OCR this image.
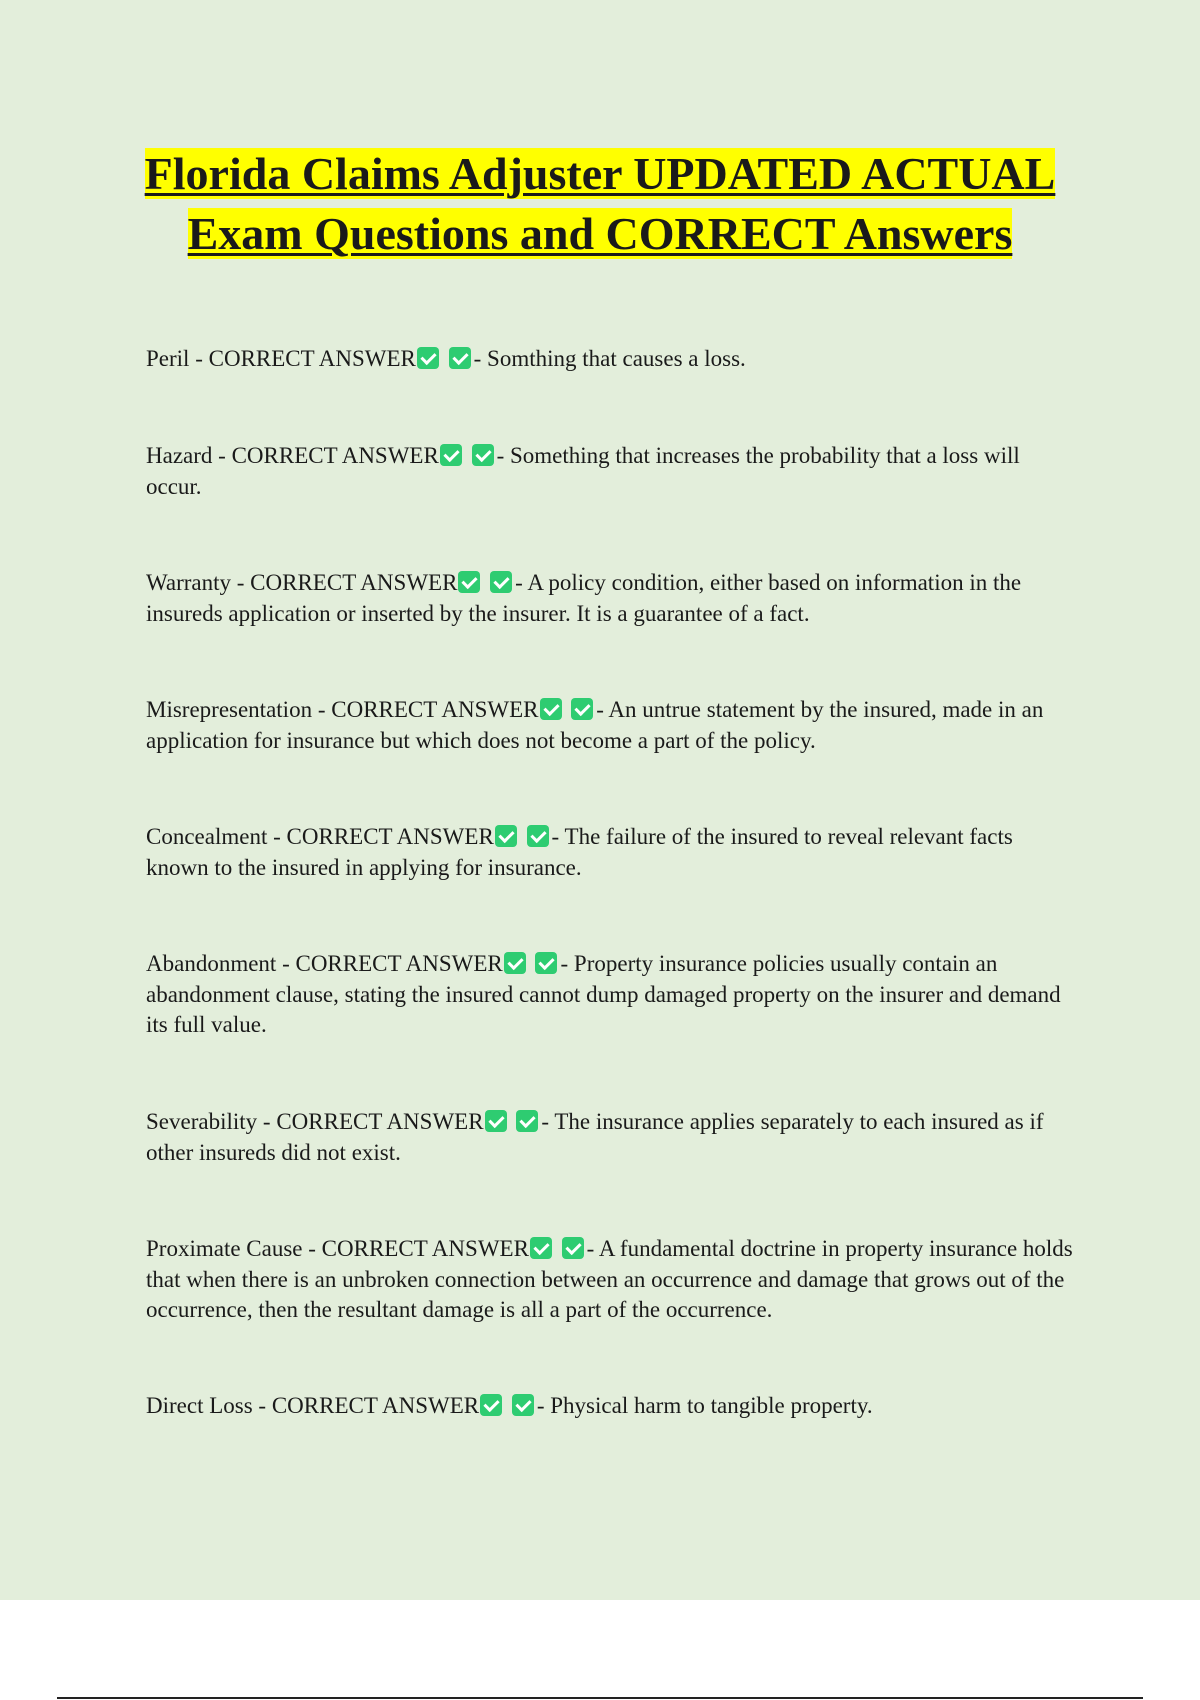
Florida Claims Adjuster UPDATED ACTUAL Exam Questions and CORRECT Answers

Peril - CORRECT ANSWER	- Somthing that causes a loss.

Hazard - CORRECT ANSWER	- Something that increases the probability that a loss will occur.

Warranty - CORRECT ANSWER	- A policy condition, either based on information in the insureds application or inserted by the insurer. It is a guarantee of a fact.

Misrepresentation - CORRECT ANSWER	- An untrue statement by the insured, made in an application for insurance but which does not become a part of the policy.

Concealment - CORRECT ANSWER	- The failure of the insured to reveal relevant facts known to the insured in applying for insurance.

Abandonment - CORRECT ANSWER	- Property insurance policies usually contain an abandonment clause, stating the insured cannot dump damaged property on the insurer and demand its full value.

Severability - CORRECT ANSWER	- The insurance applies separately to each insured as if other insureds did not exist.

Proximate Cause - CORRECT ANSWER	- A fundamental doctrine in property insurance holds that when there is an unbroken connection between an occurrence and damage that grows out of the occurrence, then the resultant damage is all a part of the occurrence.

Direct Loss - CORRECT ANSWER	- Physical harm to tangible property.
